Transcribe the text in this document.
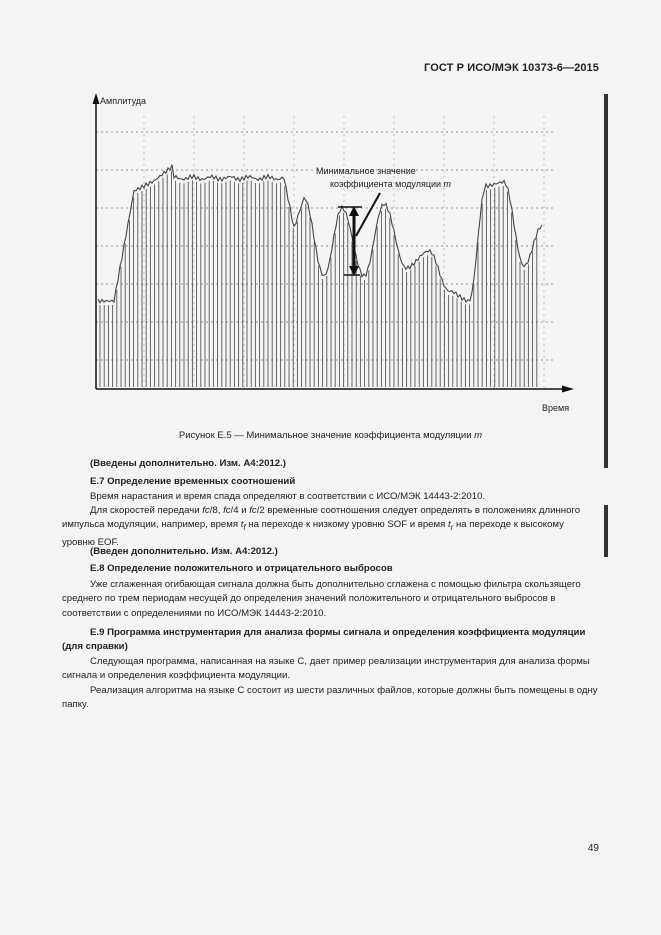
ГОСТ Р ИСО/МЭК 10373-6—2015
Амплитуда
Время
Минимальное значение
коэффициента модуляции m
Рисунок Е.5 — Минимальное значение коэффициента модуляции m
(Введены дополнительно. Изм. А4:2012.)
Е.7 Определение временных соотношений
Время нарастания и время спада определяют в соответствии с ИСО/МЭК 14443-2:2010.
Для скоростей передачи fc/8, fc/4 и fc/2 временные соотношения следует определять в положениях длинного импульса модуляции, например, время $t_f$ на переходе к низкому уровню SOF и время $t_r$ на переходе к высокому уровню EOF.
(Введен дополнительно. Изм. А4:2012.)
Е.8 Определение положительного и отрицательного выбросов
Уже сглаженная огибающая сигнала должна быть дополнительно сглажена с помощью фильтра скользящего среднего по трем периодам несущей до определения значений положительного и отрицательного выбросов в соответствии с определениями по ИСО/МЭК 14443-2:2010.
Е.9 Программа инструментария для анализа формы сигнала и определения коэффициента модуляции (для справки)
Следующая программа, написанная на языке С, дает пример реализации инструментария для анализа формы сигнала и определения коэффициента модуляции.
Реализация алгоритма на языке С состоит из шести различных файлов, которые должны быть помещены в одну папку.
49
